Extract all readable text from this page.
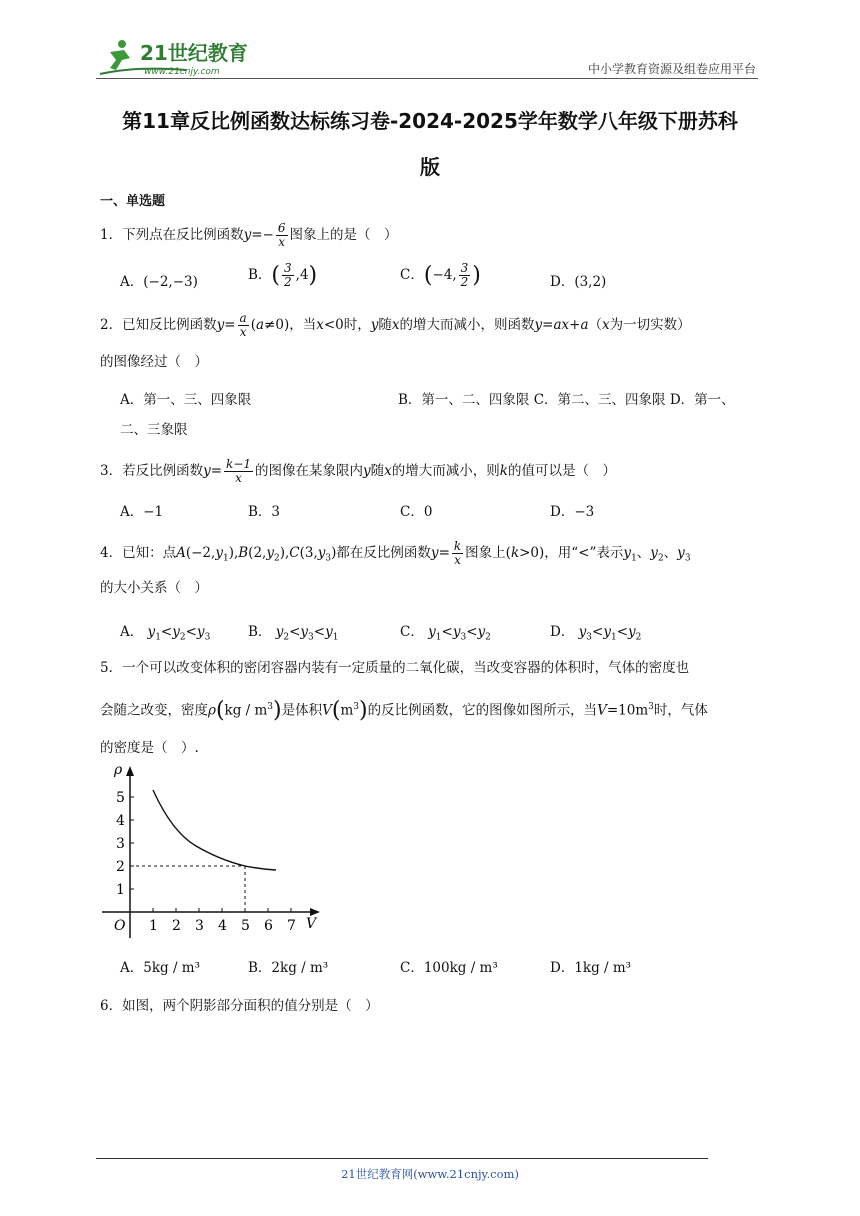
21世纪教育
www.21cnjy.com	中小学教育资源及组卷应用平台
第11章反比例函数达标练习卷-2024-2025学年数学八年级下册苏科
版
一、单选题
1．下列点在反比例函数$y=- \frac{6}{x}$ 图象上的是（　）
A．(−2,−3)	B．( $\frac{3}{2} ,4$)	C．(−4, $\frac{3}{2}$ )	D．(3,2)
2．已知反比例函数$y= \frac{a}{x} (a\ne 0)$，当x<0时，y随x的增大而减小，则函数y=ax+a（x为一切实数）
的图像经过（　）
A．第一、三、四象限	B．第一、二、四象限 C．第二、三、四象限 D．第一、
二、三象限
3．若反比例函数$y= \frac{k-1}{x}$ 的图像在某象限内y随x的增大而减小，则k的值可以是（　）
A．−1	B．3	C．0	D．−3
4．已知：点$A(-2,y_1),B(2,y_2),C(3,y_3)$都在反比例函数$y= \frac{k}{x}$ 图象上(k>0)，用“<”表示$y_1$、$y_2$、$y_3$
的大小关系（　）
A． $y_1<y_2<y_3$	B． $y_2<y_3<y_1$	C． $y_1<y_3<y_2$	D． $y_3<y_1<y_2$
5．一个可以改变体积的密闭容器内装有一定质量的二氧化碳，当改变容器的体积时，气体的密度也
会随之改变，密度$\rho(kg / m^3)$是体积$V(m^3)$的反比例函数，它的图像如图所示，当$V=10m^3$时，气体
的密度是（　）.
ρ
V
O
1
2
3
4
5
1 2 3 4 5 6 7
A．5kg / m³	B．2kg / m³	C．100kg / m³	D．1kg / m³
6．如图，两个阴影部分面积的值分别是（　）
21世纪教育网(www.21cnjy.com)
